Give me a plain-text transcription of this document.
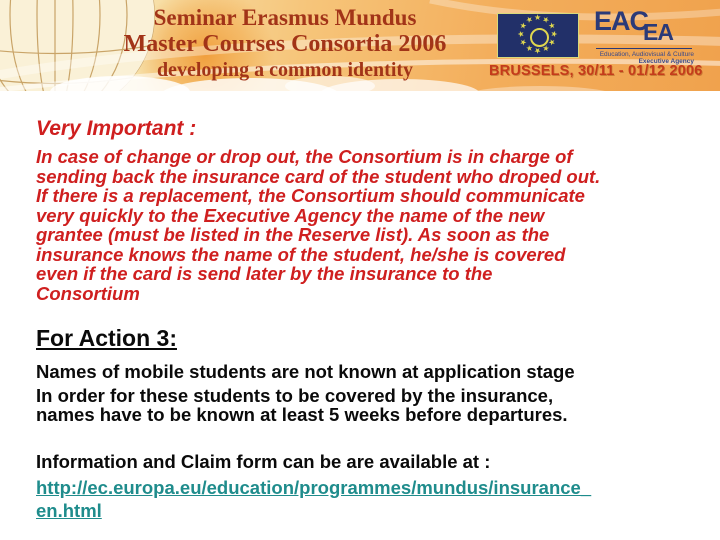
Seminar Erasmus Mundus
Master Courses Consortia 2006
developing a common identity
★ ★
★
★
★
★
★
★
★
★
★
★ EAC
EA
Education, Audiovisual & Culture
Executive Agency
BRUSSELS, 30/11 - 01/12 2006
Very Important :
In case of change or drop out, the Consortium is in charge of
sending back the insurance card of the student who droped out.
If there is a replacement, the Consortium should communicate
very quickly to the Executive Agency the name of the new
grantee (must be listed in the Reserve list). As soon as the
insurance knows the name of the student, he/she is covered
even if the card is send later by the insurance to the
Consortium
For Action 3:
Names of mobile students are not known at application stage
In order for these students to be covered by the insurance,
names have to be known at least 5 weeks before departures.
Information and Claim form can be are available at :
http://ec.europa.eu/education/programmes/mundus/insurance_
en.html
